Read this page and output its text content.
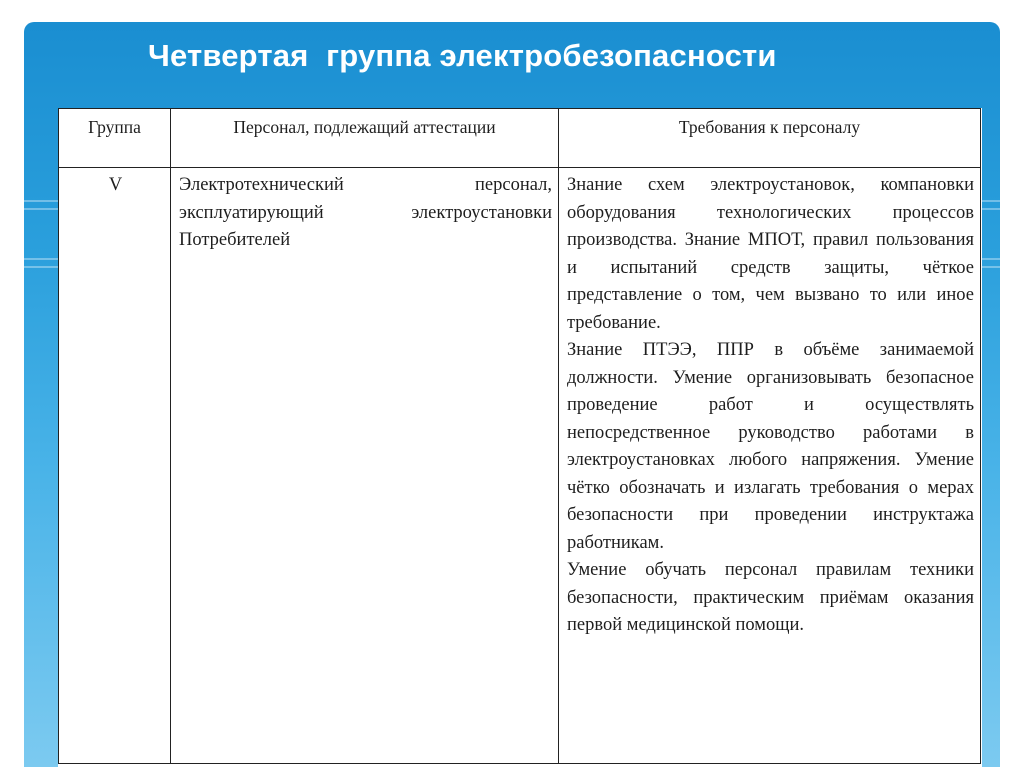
Четвертая  группа электробезопасности
Группа	Персонал, подлежащий аттестации	Требования к персоналу
V	Электротехнический персонал, эксплуатирующий электроустановки Потребителей	Знание схем электроустановок, компановки оборудования технологических процессов производства. Знание МПОТ, правил пользования и испытаний средств защиты, чёткое представление о том, чем вызвано то или иное требование.
Знание ПТЭЭ, ППР в объёме занимаемой должности. Умение организовывать безопасное проведение работ и осуществлять непосредственное руководство работами в электроустановках любого напряжения. Умение чётко обозначать и излагать требования о мерах безопасности при проведении инструктажа работникам.
Умение обучать персонал правилам техники безопасности, практическим приёмам оказания первой медицинской помощи.
